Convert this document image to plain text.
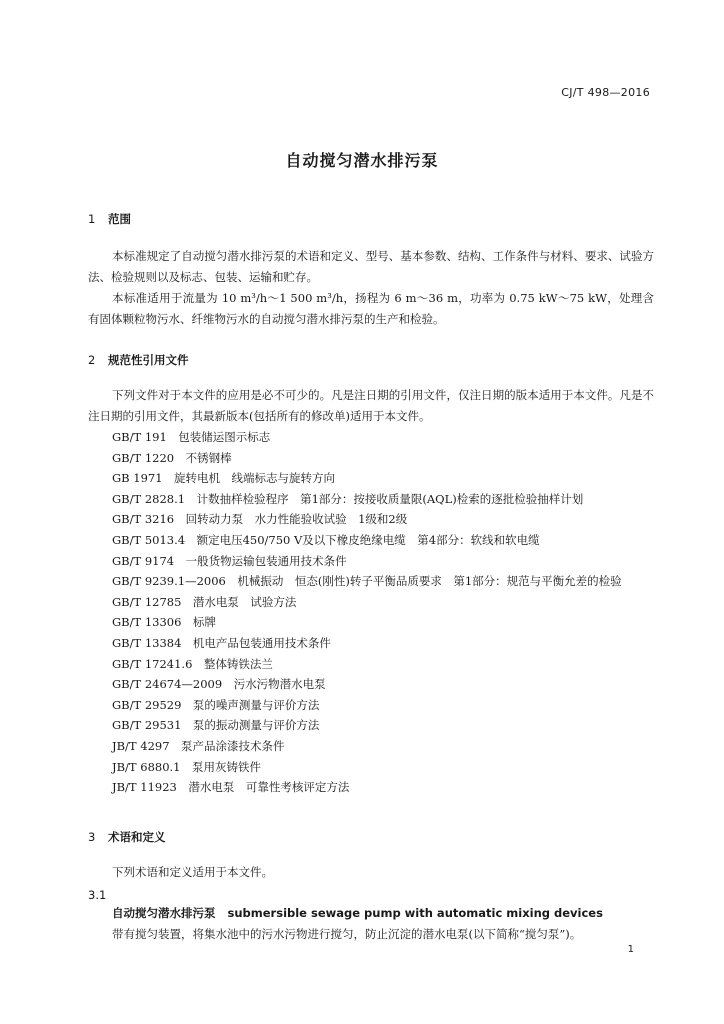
CJ/T 498—2016
自动搅匀潜水排污泵
1 范围
本标准规定了自动搅匀潜水排污泵的术语和定义、型号、基本参数、结构、工作条件与材料、要求、试验方法、检验规则以及标志、包装、运输和贮存。
本标准适用于流量为 10 m³/h～1 500 m³/h，扬程为 6 m～36 m，功率为 0.75 kW～75 kW，处理含有固体颗粒物污水、纤维物污水的自动搅匀潜水排污泵的生产和检验。
2 规范性引用文件
下列文件对于本文件的应用是必不可少的。凡是注日期的引用文件，仅注日期的版本适用于本文件。凡是不注日期的引用文件，其最新版本(包括所有的修改单)适用于本文件。
GB/T 191　包装储运图示标志
GB/T 1220　不锈钢棒
GB 1971　旋转电机　线端标志与旋转方向
GB/T 2828.1　计数抽样检验程序　第1部分：按接收质量限(AQL)检索的逐批检验抽样计划
GB/T 3216　回转动力泵　水力性能验收试验　1级和2级
GB/T 5013.4　额定电压450/750 V及以下橡皮绝缘电缆　第4部分：软线和软电缆
GB/T 9174　一般货物运输包装通用技术条件
GB/T 9239.1—2006　机械振动　恒态(刚性)转子平衡品质要求　第1部分：规范与平衡允差的检验
GB/T 12785　潜水电泵　试验方法
GB/T 13306　标牌
GB/T 13384　机电产品包装通用技术条件
GB/T 17241.6　整体铸铁法兰
GB/T 24674—2009　污水污物潜水电泵
GB/T 29529　泵的噪声测量与评价方法
GB/T 29531　泵的振动测量与评价方法
JB/T 4297　泵产品涂漆技术条件
JB/T 6880.1　泵用灰铸铁件
JB/T 11923　潜水电泵　可靠性考核评定方法
3 术语和定义
下列术语和定义适用于本文件。
3.1
自动搅匀潜水排污泵 submersible sewage pump with automatic mixing devices
带有搅匀装置，将集水池中的污水污物进行搅匀，防止沉淀的潜水电泵(以下简称“搅匀泵”)。
1
